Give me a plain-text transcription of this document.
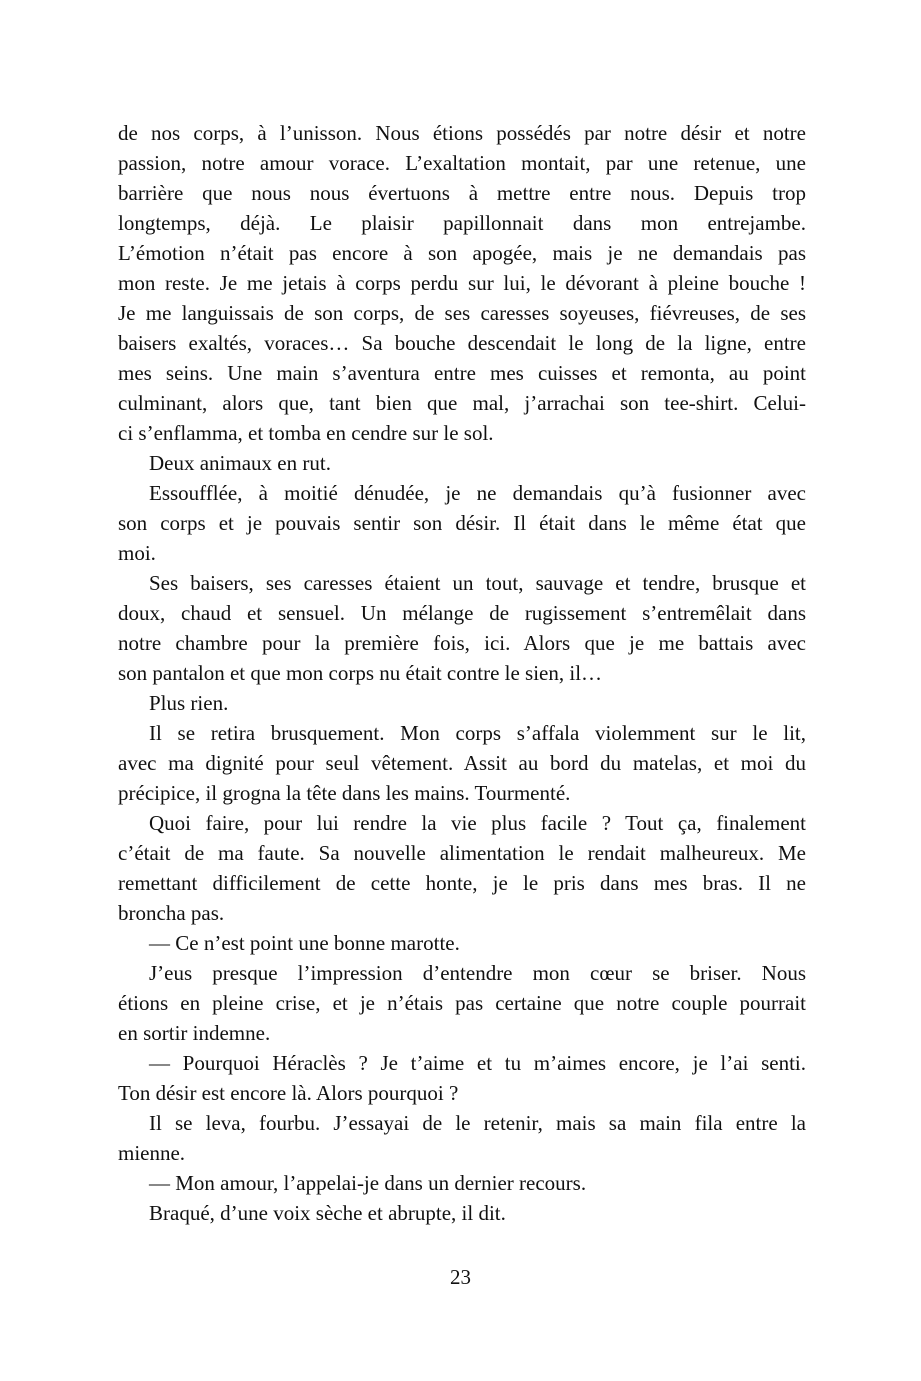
de nos corps, à l’unisson. Nous étions possédés par notre désir et notre
passion, notre amour vorace. L’exaltation montait, par une retenue, une
barrière que nous nous évertuons à mettre entre nous. Depuis trop
longtemps, déjà. Le plaisir papillonnait dans mon entrejambe.
L’émotion n’était pas encore à son apogée, mais je ne demandais pas
mon reste. Je me jetais à corps perdu sur lui, le dévorant à pleine bouche !
Je me languissais de son corps, de ses caresses soyeuses, fiévreuses, de ses
baisers exaltés, voraces… Sa bouche descendait le long de la ligne, entre
mes seins. Une main s’aventura entre mes cuisses et remonta, au point
culminant, alors que, tant bien que mal, j’arrachai son tee-shirt. Celui-
ci s’enflamma, et tomba en cendre sur le sol.
Deux animaux en rut.
Essoufflée, à moitié dénudée, je ne demandais qu’à fusionner avec
son corps et je pouvais sentir son désir. Il était dans le même état que
moi.
Ses baisers, ses caresses étaient un tout, sauvage et tendre, brusque et
doux, chaud et sensuel. Un mélange de rugissement s’entremêlait dans
notre chambre pour la première fois, ici. Alors que je me battais avec
son pantalon et que mon corps nu était contre le sien, il…
Plus rien.
Il se retira brusquement. Mon corps s’affala violemment sur le lit,
avec ma dignité pour seul vêtement. Assit au bord du matelas, et moi du
précipice, il grogna la tête dans les mains. Tourmenté.
Quoi faire, pour lui rendre la vie plus facile ? Tout ça, finalement
c’était de ma faute. Sa nouvelle alimentation le rendait malheureux. Me
remettant difficilement de cette honte, je le pris dans mes bras. Il ne
broncha pas.
— Ce n’est point une bonne marotte.
J’eus presque l’impression d’entendre mon cœur se briser. Nous
étions en pleine crise, et je n’étais pas certaine que notre couple pourrait
en sortir indemne.
— Pourquoi Héraclès ? Je t’aime et tu m’aimes encore, je l’ai senti.
Ton désir est encore là. Alors pourquoi ?
Il se leva, fourbu. J’essayai de le retenir, mais sa main fila entre la
mienne.
— Mon amour, l’appelai-je dans un dernier recours.
Braqué, d’une voix sèche et abrupte, il dit.
23
